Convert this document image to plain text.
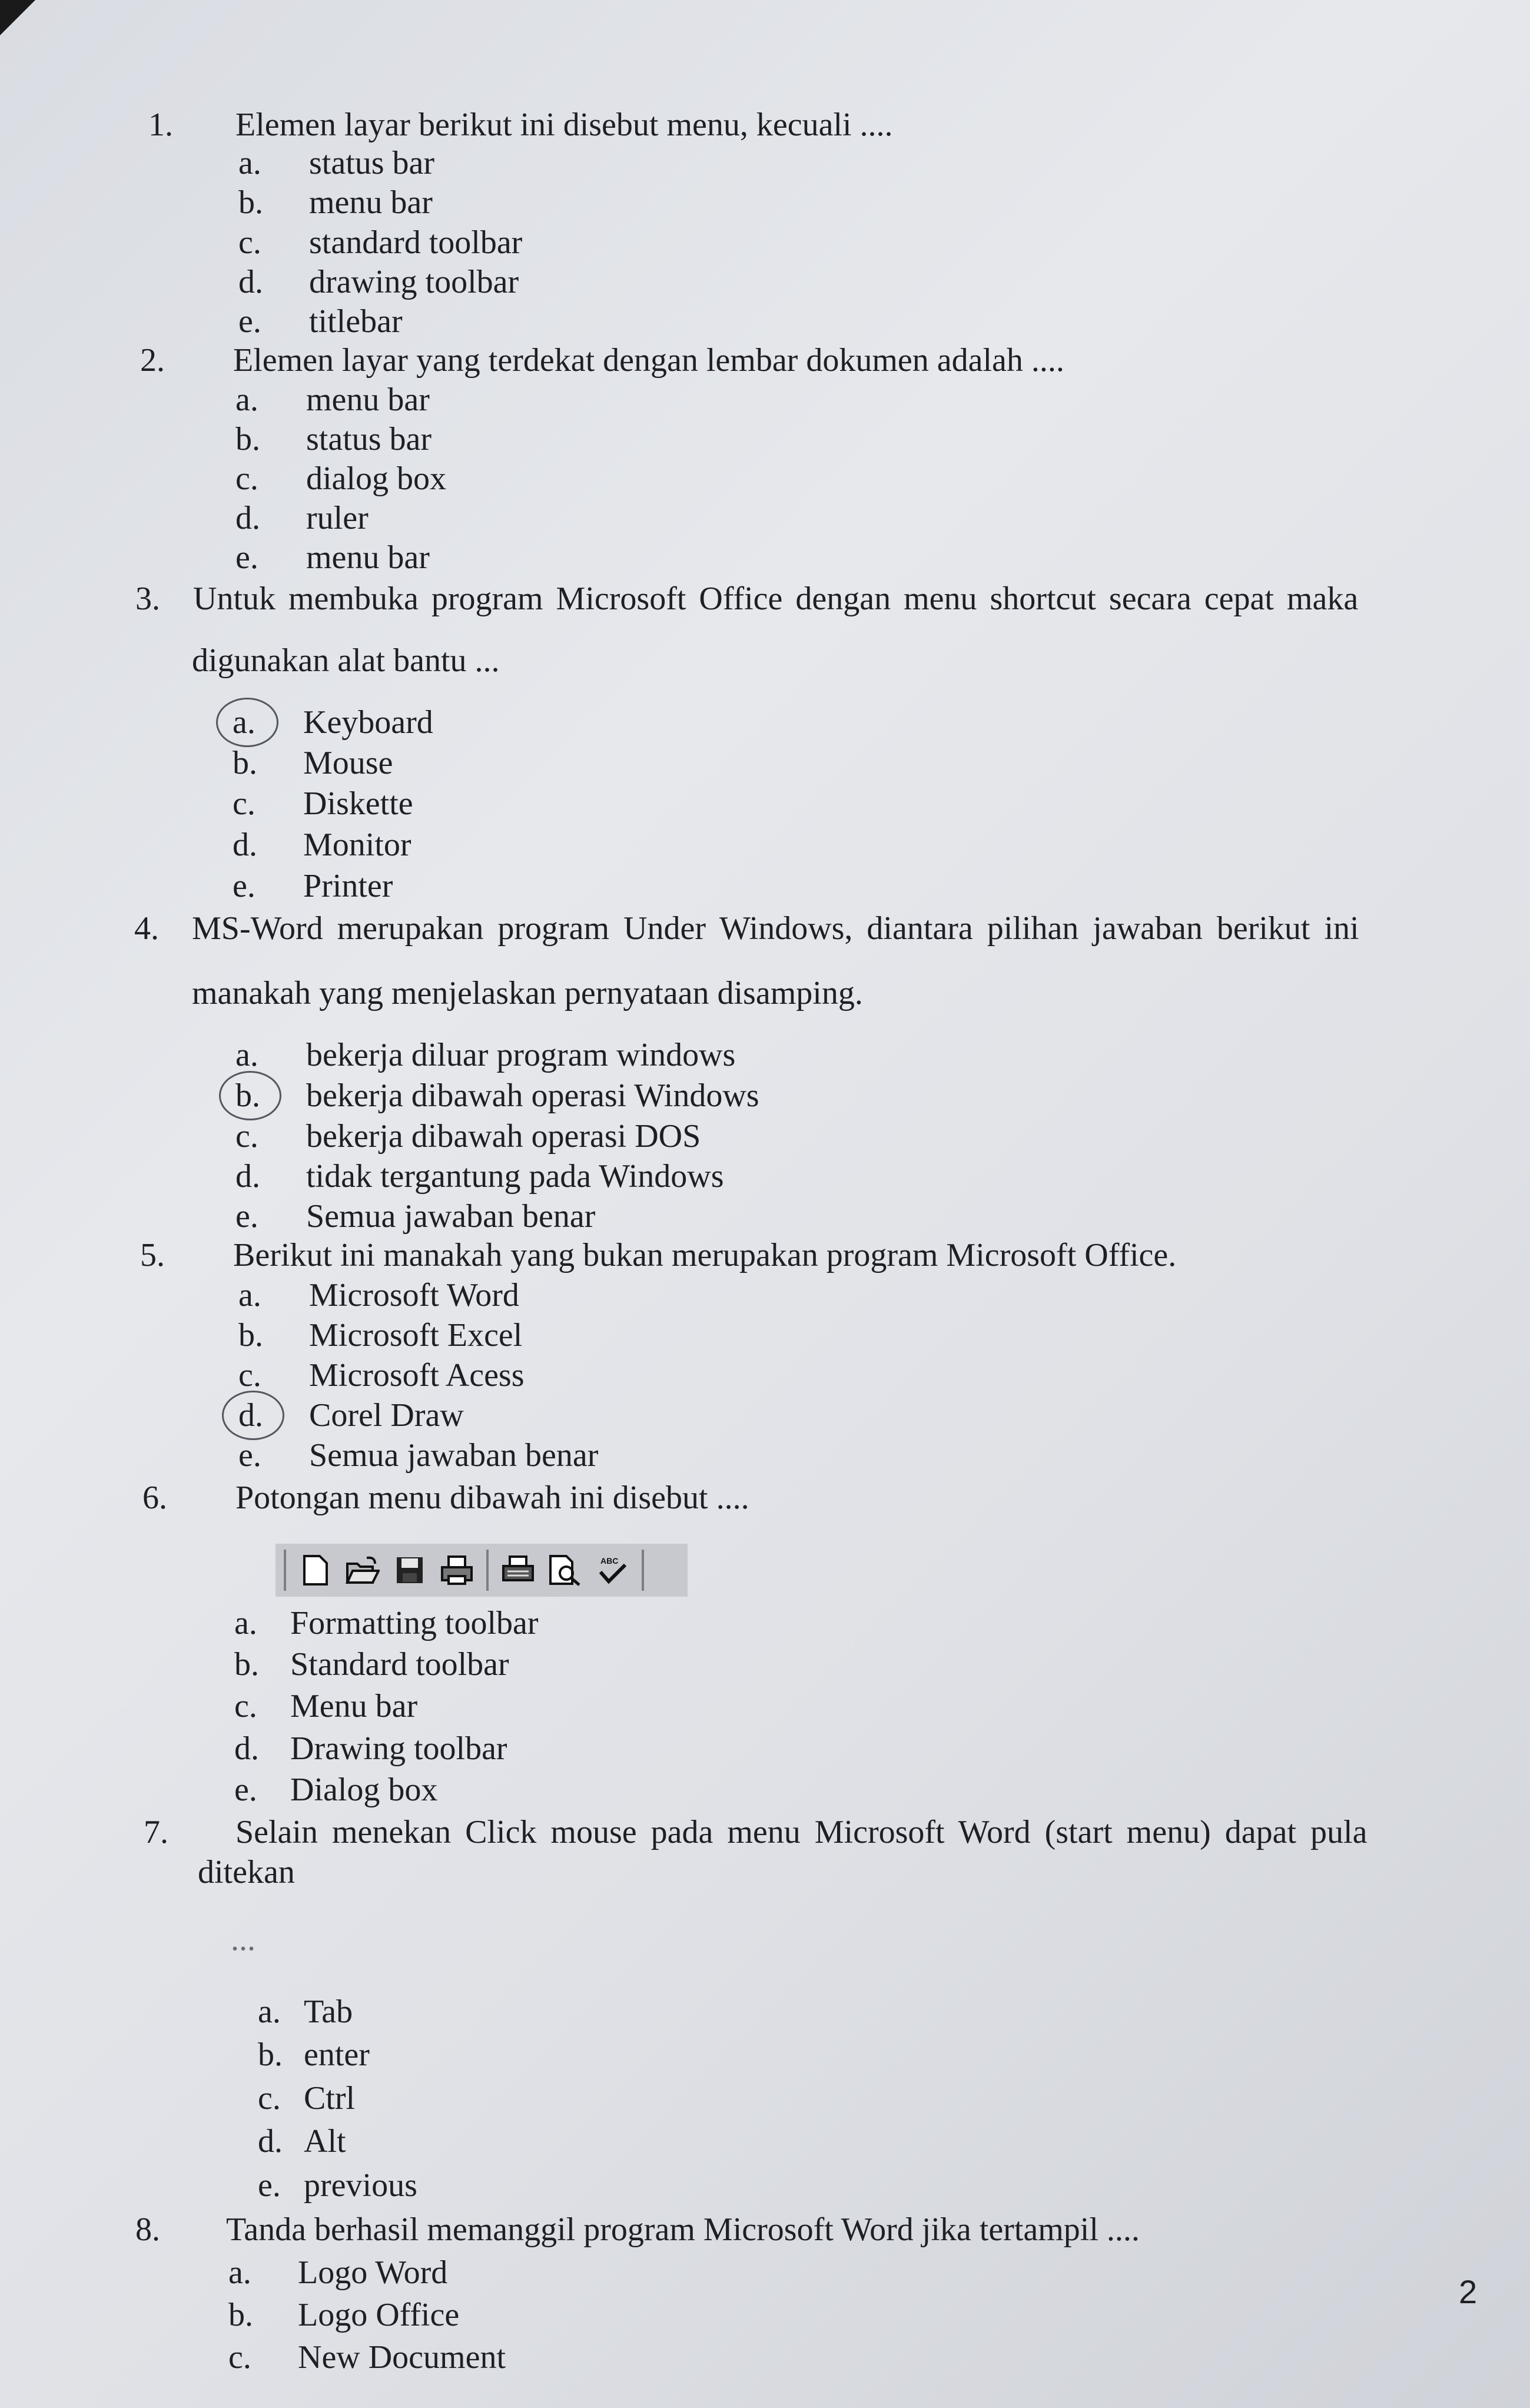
1. Elemen layar berikut ini disebut menu, kecuali ....
a. status bar
b. menu bar
c. standard toolbar
d. drawing toolbar
e. titlebar
2. Elemen layar yang terdekat dengan lembar dokumen adalah ....
a. menu bar
b. status bar
c. dialog box
d. ruler
e. menu bar
3. Untuk membuka program Microsoft Office dengan menu shortcut secara cepat maka
digunakan alat bantu ...
a. Keyboard
b. Mouse
c. Diskette
d. Monitor
e. Printer
4. MS-Word merupakan program Under Windows, diantara pilihan jawaban berikut ini
manakah yang menjelaskan pernyataan disamping.
a. bekerja diluar program windows
b. bekerja dibawah operasi Windows
c. bekerja dibawah operasi DOS
d. tidak tergantung pada Windows
e. Semua jawaban benar
5. Berikut ini manakah yang bukan merupakan program Microsoft Office.
a. Microsoft Word
b. Microsoft Excel
c. Microsoft Acess
d. Corel Draw
e. Semua jawaban benar
6. Potongan menu dibawah ini disebut ....
ABC
a. Formatting toolbar
b. Standard toolbar
c. Menu bar
d. Drawing toolbar
e. Dialog box
7. Selain menekan Click mouse pada menu Microsoft Word (start menu) dapat pula
ditekan
...
a. Tab
b. enter
c. Ctrl
d. Alt
e. previous
8. Tanda berhasil memanggil program Microsoft Word jika tertampil ....
a. Logo Word
b. Logo Office
c. New Document
2
